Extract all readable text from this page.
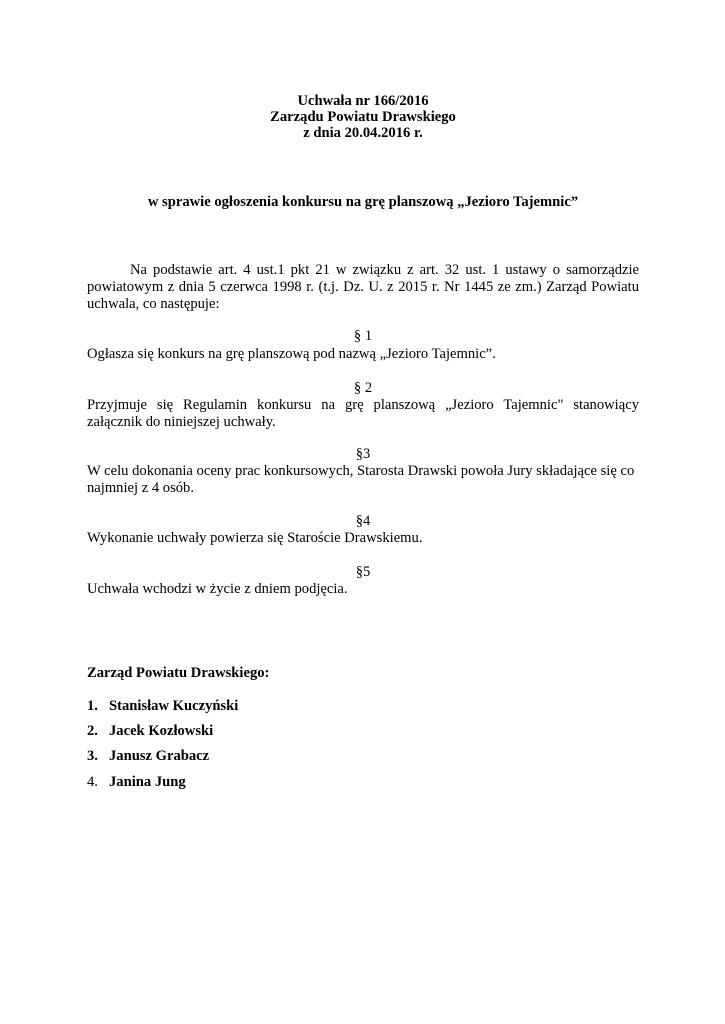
Uchwała nr 166/2016
Zarządu Powiatu Drawskiego
z dnia 20.04.2016 r.
w sprawie ogłoszenia konkursu na grę planszową „Jezioro Tajemnic”
Na podstawie art. 4 ust.1 pkt 21 w związku z art. 32 ust. 1 ustawy o samorządzie powiatowym z dnia 5 czerwca 1998 r. (t.j. Dz. U. z 2015 r. Nr 1445 ze zm.) Zarząd Powiatu uchwala, co następuje:
§ 1
Ogłasza się konkurs na grę planszową pod nazwą „Jezioro Tajemnic”.
§ 2
Przyjmuje się Regulamin konkursu na grę planszową „Jezioro Tajemnic" stanowiący załącznik do niniejszej uchwały.
§3
W celu dokonania oceny prac konkursowych, Starosta Drawski powoła Jury składające się co najmniej z 4 osób.
§4
Wykonanie uchwały powierza się Staroście Drawskiemu.
§5
Uchwała wchodzi w życie z dniem podjęcia.
Zarząd Powiatu Drawskiego:
1. Stanisław Kuczyński
2. Jacek Kozłowski
3. Janusz Grabacz
4. Janina Jung
